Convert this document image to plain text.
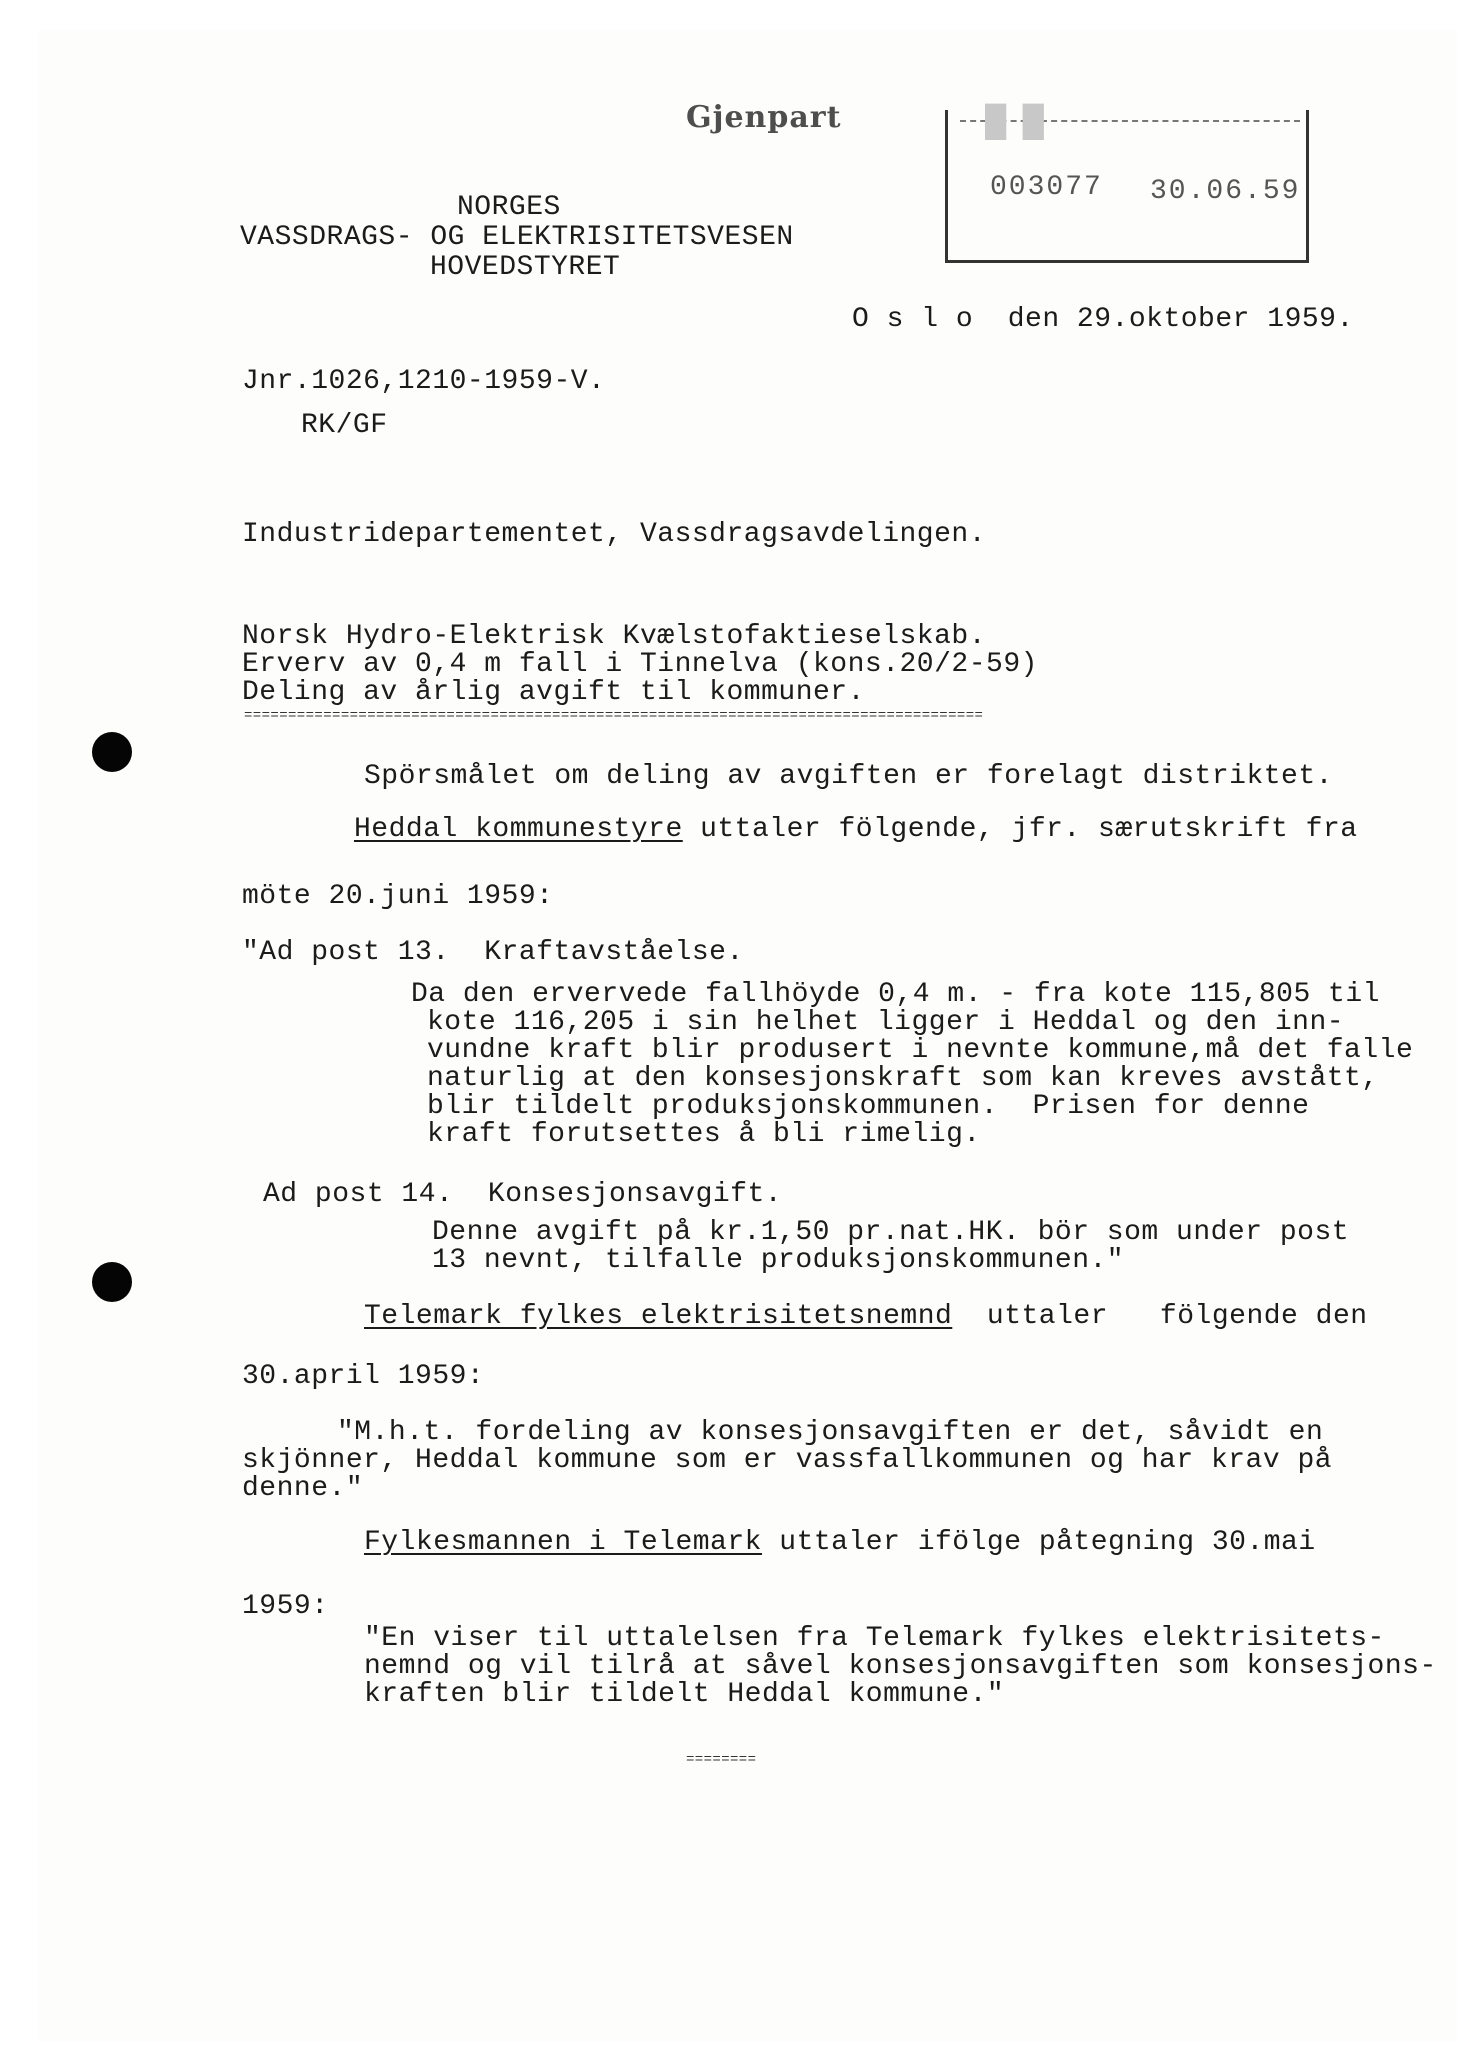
Gjenpart	█ █
003077 30.06.59
NORGES
VASSDRAGS- OG ELEKTRISITETSVESEN
HOVEDSTYRET
O s l o  den 29.oktober 1959.
Jnr.1026,1210-1959-V.
RK/GF
Industridepartementet, Vassdragsavdelingen.
Norsk Hydro-Elektrisk Kvælstofaktieselskab.
Erverv av 0,4 m fall i Tinnelva (kons.20/2-59)
Deling av årlig avgift til kommuner.
====================================================================================
Spörsmålet om deling av avgiften er forelagt distriktet.
Heddal kommunestyre uttaler fölgende, jfr. særutskrift fra
möte 20.juni 1959:
"Ad post 13.  Kraftavståelse.
Da den ervervede fallhöyde 0,4 m. - fra kote 115,805 til
kote 116,205 i sin helhet ligger i Heddal og den inn-
vundne kraft blir produsert i nevnte kommune,må det falle
naturlig at den konsesjonskraft som kan kreves avstått,
blir tildelt produksjonskommunen.  Prisen for denne
kraft forutsettes å bli rimelig.
Ad post 14.  Konsesjonsavgift.
Denne avgift på kr.1,50 pr.nat.HK. bör som under post
13 nevnt, tilfalle produksjonskommunen."
Telemark fylkes elektrisitetsnemnd  uttaler   fölgende den
30.april 1959:
"M.h.t. fordeling av konsesjonsavgiften er det, såvidt en
skjönner, Heddal kommune som er vassfallkommunen og har krav på
denne."
Fylkesmannen i Telemark uttaler ifölge påtegning 30.mai
1959:
"En viser til uttalelsen fra Telemark fylkes elektrisitets-
nemnd og vil tilrå at såvel konsesjonsavgiften som konsesjons-
kraften blir tildelt Heddal kommune."
========
